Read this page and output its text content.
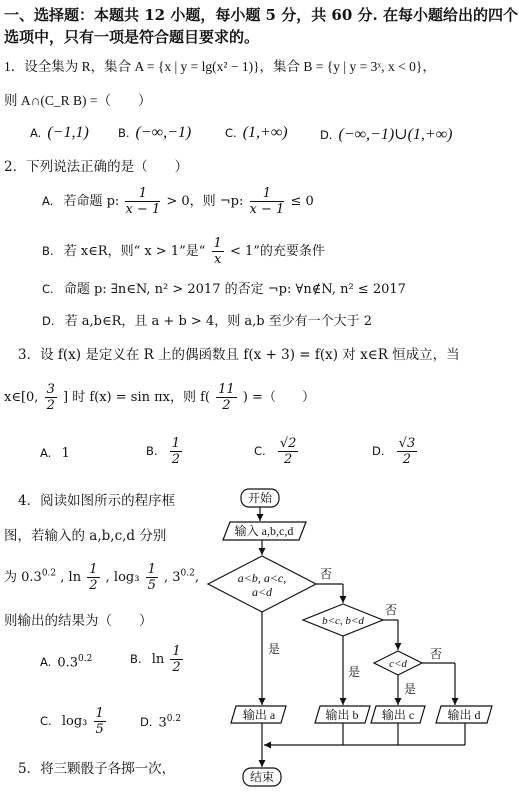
一、选择题：本题共 12 小题，每小题 5 分，共 60 分. 在每小题给出的四个
选项中，只有一项是符合题目要求的。
1．设全集为 R，集合 A = {x | y = lg(x² − 1)}，集合 B = {y | y = 3ˣ, x < 0}，
则 A∩(C_R B) =（　　）
A. (−1,1)	B. (−∞,−1)	C. (1,+∞)	D. (−∞,−1)∪(1,+∞)
2．下列说法正确的是（　　）
A. 若命题 p: $\frac{1}{x - 1} > 0$，则 ¬p: $\frac{1}{x - 1} \le 0$
B. 若 x∈R，则“ x > 1”是“ $\frac{1}{x} < 1$”的充要条件
C. 命题 p: ∃n∈N, n² > 2017 的否定 ¬p: ∀n∉N, n² ≤ 2017
D. 若 a,b∈R，且 a + b > 4，则 a,b 至少有一个大于 2
3．设 f(x) 是定义在 R 上的偶函数且 f(x + 3) = f(x) 对 x∈R 恒成立，当
x∈[0, $\frac{3}{2}$ ] 时 f(x) = sin πx，则 $f( \frac{11}{2}$ ) =（　　）
A. 1	B. $\frac{1}{2}$	C. $\frac{√2}{2}$	D. $\frac{√3}{2}$
4．阅读如图所示的程序框
图，若输入的 a,b,c,d 分别
为 $0.3^{0.2}$ , $\ln \frac{1}{2}$ , $\log_3 \frac{1}{5}$ , $3^{0.2}$,
则输出的结果为（　　）
A. $0.3^{0.2}$	B. $\ln \frac{1}{2}$
C. $\log_3 \frac{1}{5}$	D. $3^{0.2}$
5．将三颗骰子各掷一次，
开始
输入 a,b,c,d
a<b, a<c,
a<d
b<c, b<d
c<d
否
否
否
是
是
是
输出 a	输出 b 输出 c	输出 d
结束
